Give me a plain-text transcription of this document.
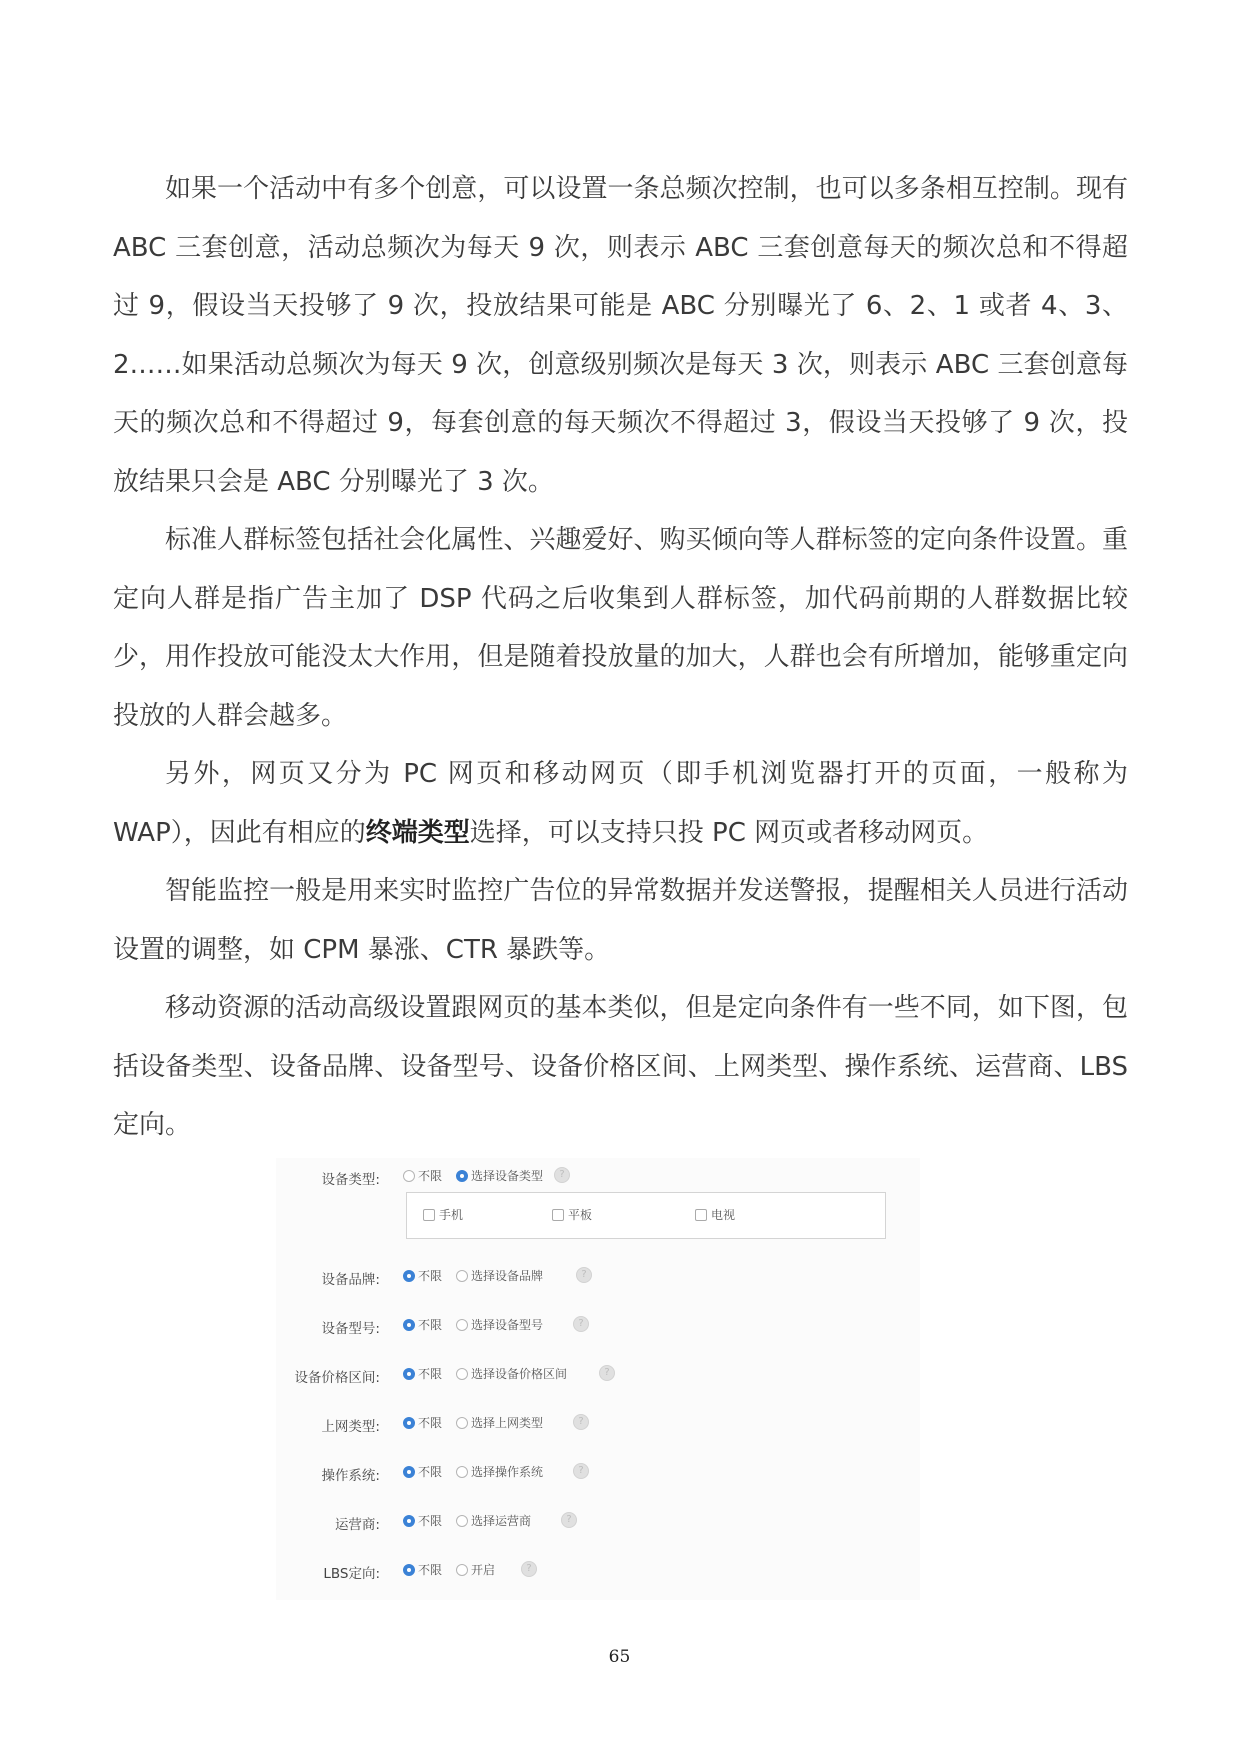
如果一个活动中有多个创意，可以设置一条总频次控制，也可以多条相互控制。现有 ABC 三套创意，活动总频次为每天 9 次，则表示 ABC 三套创意每天的频次总和不得超过 9，假设当天投够了 9 次，投放结果可能是 ABC 分别曝光了 6、2、1 或者 4、3、2……如果活动总频次为每天 9 次，创意级别频次是每天 3 次，则表示 ABC 三套创意每天的频次总和不得超过 9，每套创意的每天频次不得超过 3，假设当天投够了 9 次，投放结果只会是 ABC 分别曝光了 3 次。

标准人群标签包括社会化属性、兴趣爱好、购买倾向等人群标签的定向条件设置。重定向人群是指广告主加了 DSP 代码之后收集到人群标签，加代码前期的人群数据比较少，用作投放可能没太大作用，但是随着投放量的加大，人群也会有所增加，能够重定向投放的人群会越多。

另外，网页又分为 PC 网页和移动网页（即手机浏览器打开的页面，一般称为 WAP），因此有相应的终端类型选择，可以支持只投 PC 网页或者移动网页。

智能监控一般是用来实时监控广告位的异常数据并发送警报，提醒相关人员进行活动设置的调整，如 CPM 暴涨、CTR 暴跌等。

移动资源的活动高级设置跟网页的基本类似，但是定向条件有一些不同，如下图，包括设备类型、设备品牌、设备型号、设备价格区间、上网类型、操作系统、运营商、LBS 定向。

设备类型:	不限 选择设备类型	?
手机	平板	电视
设备品牌:	不限 选择设备品牌	?
设备型号:	不限 选择设备型号	?
设备价格区间:	不限 选择设备价格区间	?
上网类型:	不限 选择上网类型	?
操作系统:	不限 选择操作系统	?
运营商:	不限 选择运营商	?
LBS定向:	不限 开启	?
65
